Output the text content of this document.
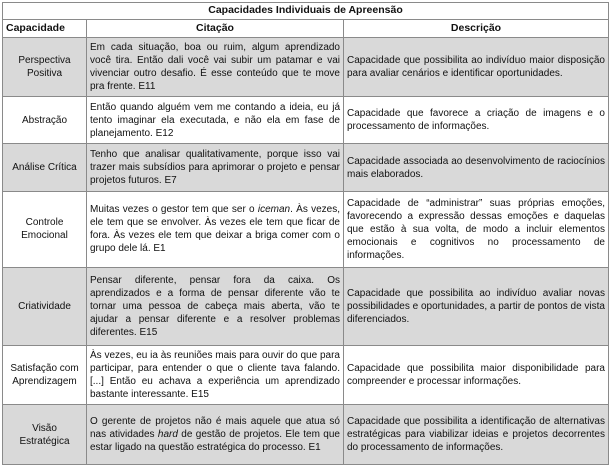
Capacidades Individuais de Apreensão		
Capacidade	Citação	Descrição
Perspectiva Positiva	Em cada situação, boa ou ruim, algum aprendizado você tira. Então dali você vai subir um patamar e vai vivenciar outro desafio. É esse conteúdo que te move pra frente. E11	Capacidade que possibilita ao indivíduo maior disposição para avaliar cenários e identificar oportunidades.
Abstração	Então quando alguém vem me contando a ideia, eu já tento imaginar ela executada, e não ela em fase de planejamento. E12	Capacidade que favorece a criação de imagens e o processamento de informações.
Análise Crítica	Tenho que analisar qualitativamente, porque isso vai trazer mais subsídios para aprimorar o projeto e pensar projetos futuros. E7	Capacidade associada ao desenvolvimento de raciocínios mais elaborados.
Controle Emocional	Muitas vezes o gestor tem que ser o iceman. Às vezes, ele tem que se envolver. Às vezes ele tem que ficar de fora. Às vezes ele tem que deixar a briga comer com o grupo dele lá. E1	Capacidade de “administrar” suas próprias emoções, favorecendo a expressão dessas emoções e daquelas que estão à sua volta, de modo a incluir elementos emocionais e cognitivos no processamento de informações.
Criatividade	Pensar diferente, pensar fora da caixa. Os aprendizados e a forma de pensar diferente vão te tornar uma pessoa de cabeça mais aberta, vão te ajudar a pensar diferente e a resolver problemas diferentes. E15	Capacidade que possibilita ao indivíduo avaliar novas possibilidades e oportunidades, a partir de pontos de vista diferenciados.
Satisfação com Aprendizagem	Às vezes, eu ia às reuniões mais para ouvir do que para participar, para entender o que o cliente tava falando. [...] Então eu achava a experiência um aprendizado bastante interessante. E15	Capacidade que possibilita maior disponibilidade para compreender e processar informações.
Visão Estratégica	O gerente de projetos não é mais aquele que atua só nas atividades hard de gestão de projetos. Ele tem que estar ligado na questão estratégica do processo. E1	Capacidade que possibilita a identificação de alternativas estratégicas para viabilizar ideias e projetos decorrentes do processamento de informações.
